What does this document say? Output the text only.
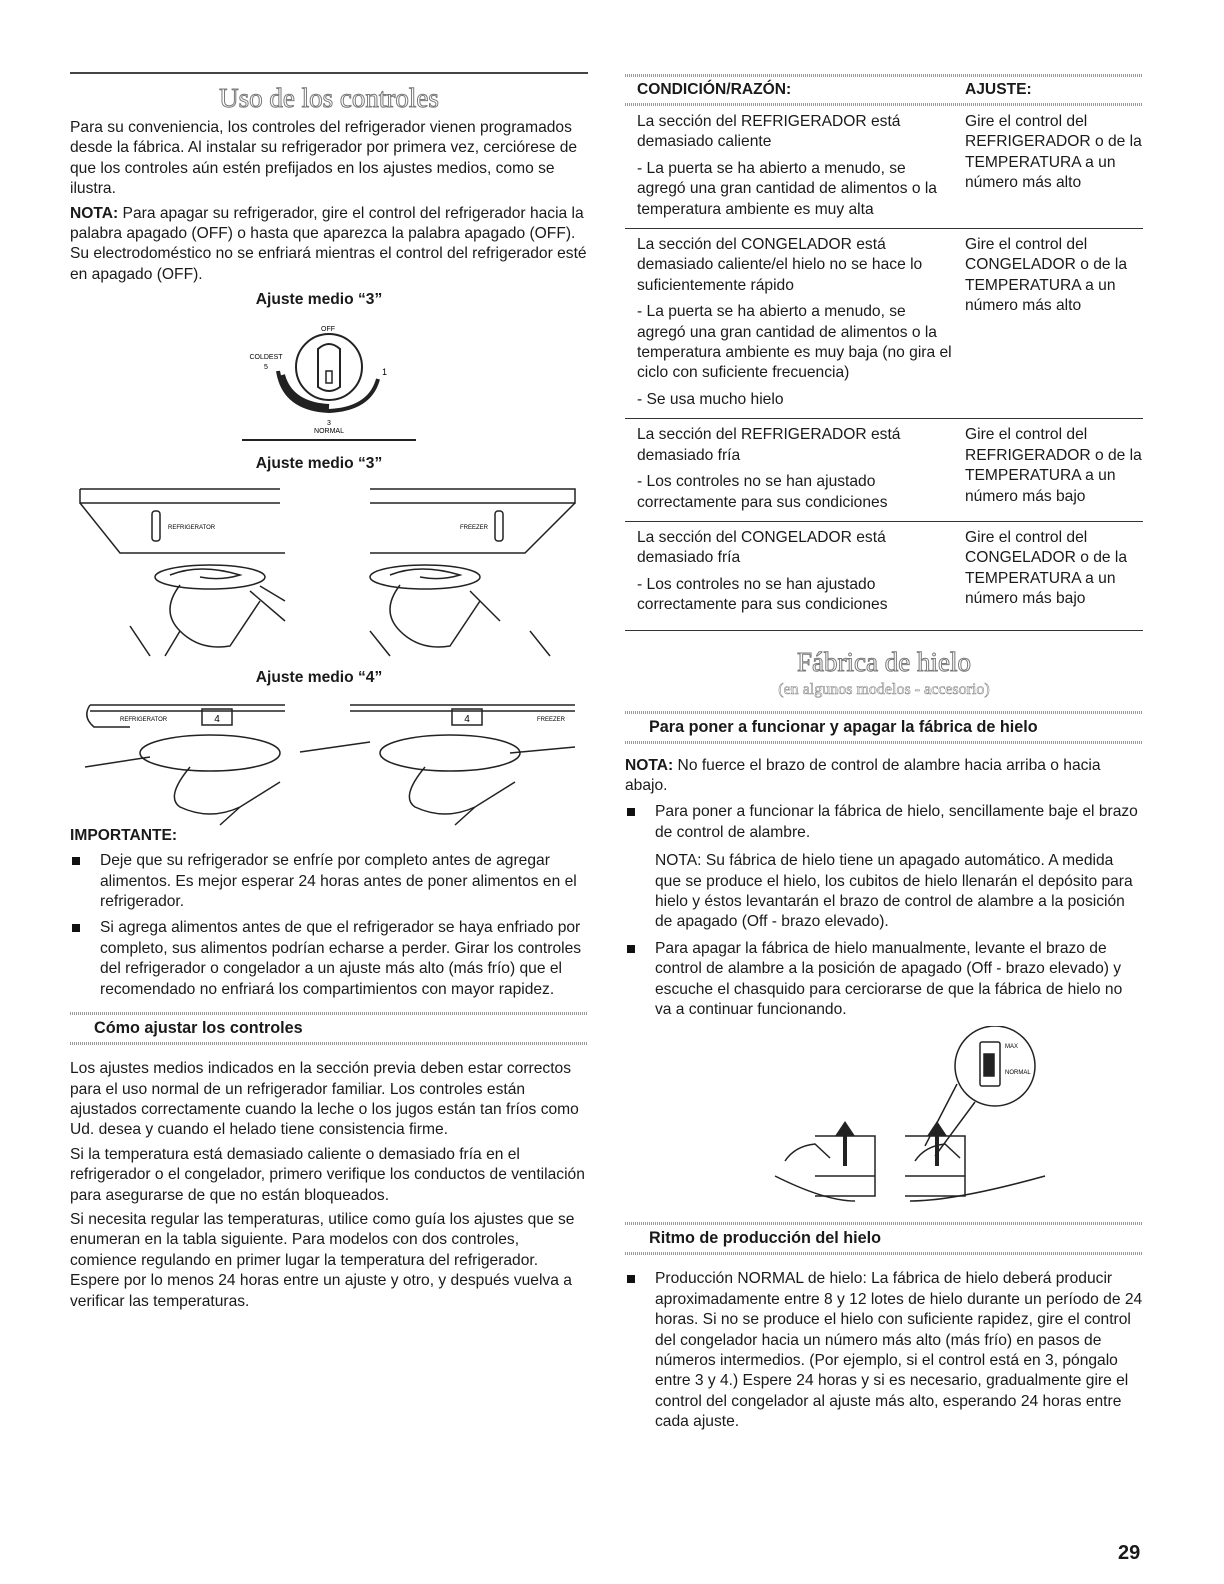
Uso de los controles

Para su conveniencia, los controles del refrigerador vienen programados desde la fábrica. Al instalar su refrigerador por primera vez, cerciórese de que los controles aún estén prefijados en los ajustes medios, como se ilustra.

NOTA: Para apagar su refrigerador, gire el control del refrigerador hacia la palabra apagado (OFF) o hasta que aparezca la palabra apagado (OFF). Su electrodoméstico no se enfriará mientras el control del refrigerador esté en apagado (OFF).

Ajuste medio “3”
OFF
COLDEST
5	1
3
NORMAL
Ajuste medio “3”
REFRIGERATOR	FREEZER
Ajuste medio “4”
REFRIGERATOR	FREEZER
4	4
IMPORTANTE:

Deje que su refrigerador se enfríe por completo antes de agregar alimentos. Es mejor esperar 24 horas antes de poner alimentos en el refrigerador.

Si agrega alimentos antes de que el refrigerador se haya enfriado por completo, sus alimentos podrían echarse a perder. Girar los controles del refrigerador o congelador a un ajuste más alto (más frío) que el recomendado no enfriará los compartimientos con mayor rapidez.

Cómo ajustar los controles

Los ajustes medios indicados en la sección previa deben estar correctos para el uso normal de un refrigerador familiar. Los controles están ajustados correctamente cuando la leche o los jugos están tan fríos como Ud. desea y cuando el helado tiene consistencia firme.

Si la temperatura está demasiado caliente o demasiado fría en el refrigerador o el congelador, primero verifique los conductos de ventilación para asegurarse de que no están bloqueados.

Si necesita regular las temperaturas, utilice como guía los ajustes que se enumeran en la tabla siguiente. Para modelos con dos controles, comience regulando en primer lugar la temperatura del refrigerador. Espere por lo menos 24 horas entre un ajuste y otro, y después vuelva a verificar las temperaturas.

CONDICIÓN/RAZÓN:	AJUSTE:
La sección del REFRIGERADOR está demasiado caliente
- La puerta se ha abierto a menudo, se agregó una gran cantidad de alimentos o la temperatura ambiente es muy alta	Gire el control del REFRIGERADOR o de la TEMPERATURA a un número más alto

La sección del CONGELADOR está demasiado caliente/el hielo no se hace lo suficientemente rápido
- La puerta se ha abierto a menudo, se agregó una gran cantidad de alimentos o la temperatura ambiente es muy baja (no gira el ciclo con suficiente frecuencia)
- Se usa mucho hielo	Gire el control del CONGELADOR o de la TEMPERATURA a un número más alto

La sección del REFRIGERADOR está demasiado fría
- Los controles no se han ajustado correctamente para sus condiciones	Gire el control del REFRIGERADOR o de la TEMPERATURA a un número más bajo

La sección del CONGELADOR está demasiado fría
- Los controles no se han ajustado correctamente para sus condiciones	Gire el control del CONGELADOR o de la TEMPERATURA a un número más bajo
Fábrica de hielo
(en algunos modelos - accesorio)
Para poner a funcionar y apagar la fábrica de hielo

NOTA: No fuerce el brazo de control de alambre hacia arriba o hacia abajo.

Para poner a funcionar la fábrica de hielo, sencillamente baje el brazo de control de alambre.

NOTA: Su fábrica de hielo tiene un apagado automático. A medida que se produce el hielo, los cubitos de hielo llenarán el depósito para hielo y éstos levantarán el brazo de control de alambre a la posición de apagado (Off - brazo elevado).

Para apagar la fábrica de hielo manualmente, levante el brazo de control de alambre a la posición de apagado (Off - brazo elevado) y escuche el chasquido para cerciorarse de que la fábrica de hielo no va a continuar funcionando.

MAX
NORMAL
Ritmo de producción del hielo

Producción NORMAL de hielo: La fábrica de hielo deberá producir aproximadamente entre 8 y 12 lotes de hielo durante un período de 24 horas. Si no se produce el hielo con suficiente rapidez, gire el control del congelador hacia un número más alto (más frío) en pasos de números intermedios. (Por ejemplo, si el control está en 3, póngalo entre 3 y 4.) Espere 24 horas y si es necesario, gradualmente gire el control del congelador al ajuste más alto, esperando 24 horas entre cada ajuste.

29
